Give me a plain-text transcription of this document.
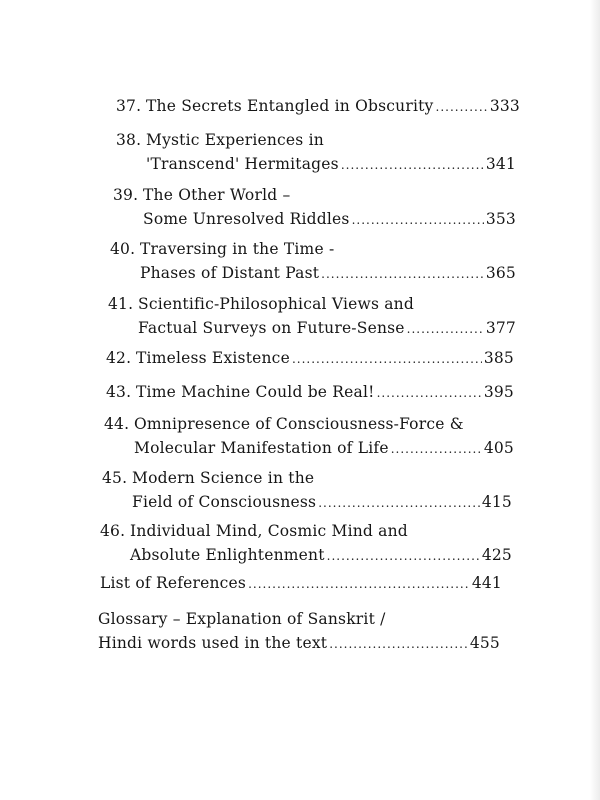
37. The Secrets Entangled in Obscurity .....	333
38. Mystic Experiences in
'Transcend' Hermitages .....	341
39. The Other World –
Some Unresolved Riddles .....	353
40. Traversing in the Time -
Phases of Distant Past .....	365
41. Scientific-Philosophical Views and
Factual Surveys on Future-Sense .....	377
42. Timeless Existence .....	385
43. Time Machine Could be Real! .....	395
44. Omnipresence of Consciousness-Force &
Molecular Manifestation of Life .....	405
45. Modern Science in the
Field of Consciousness .....	415
46. Individual Mind, Cosmic Mind and
Absolute Enlightenment .....	425
List of References .....	441
Glossary – Explanation of Sanskrit /
Hindi words used in the text .....	455
